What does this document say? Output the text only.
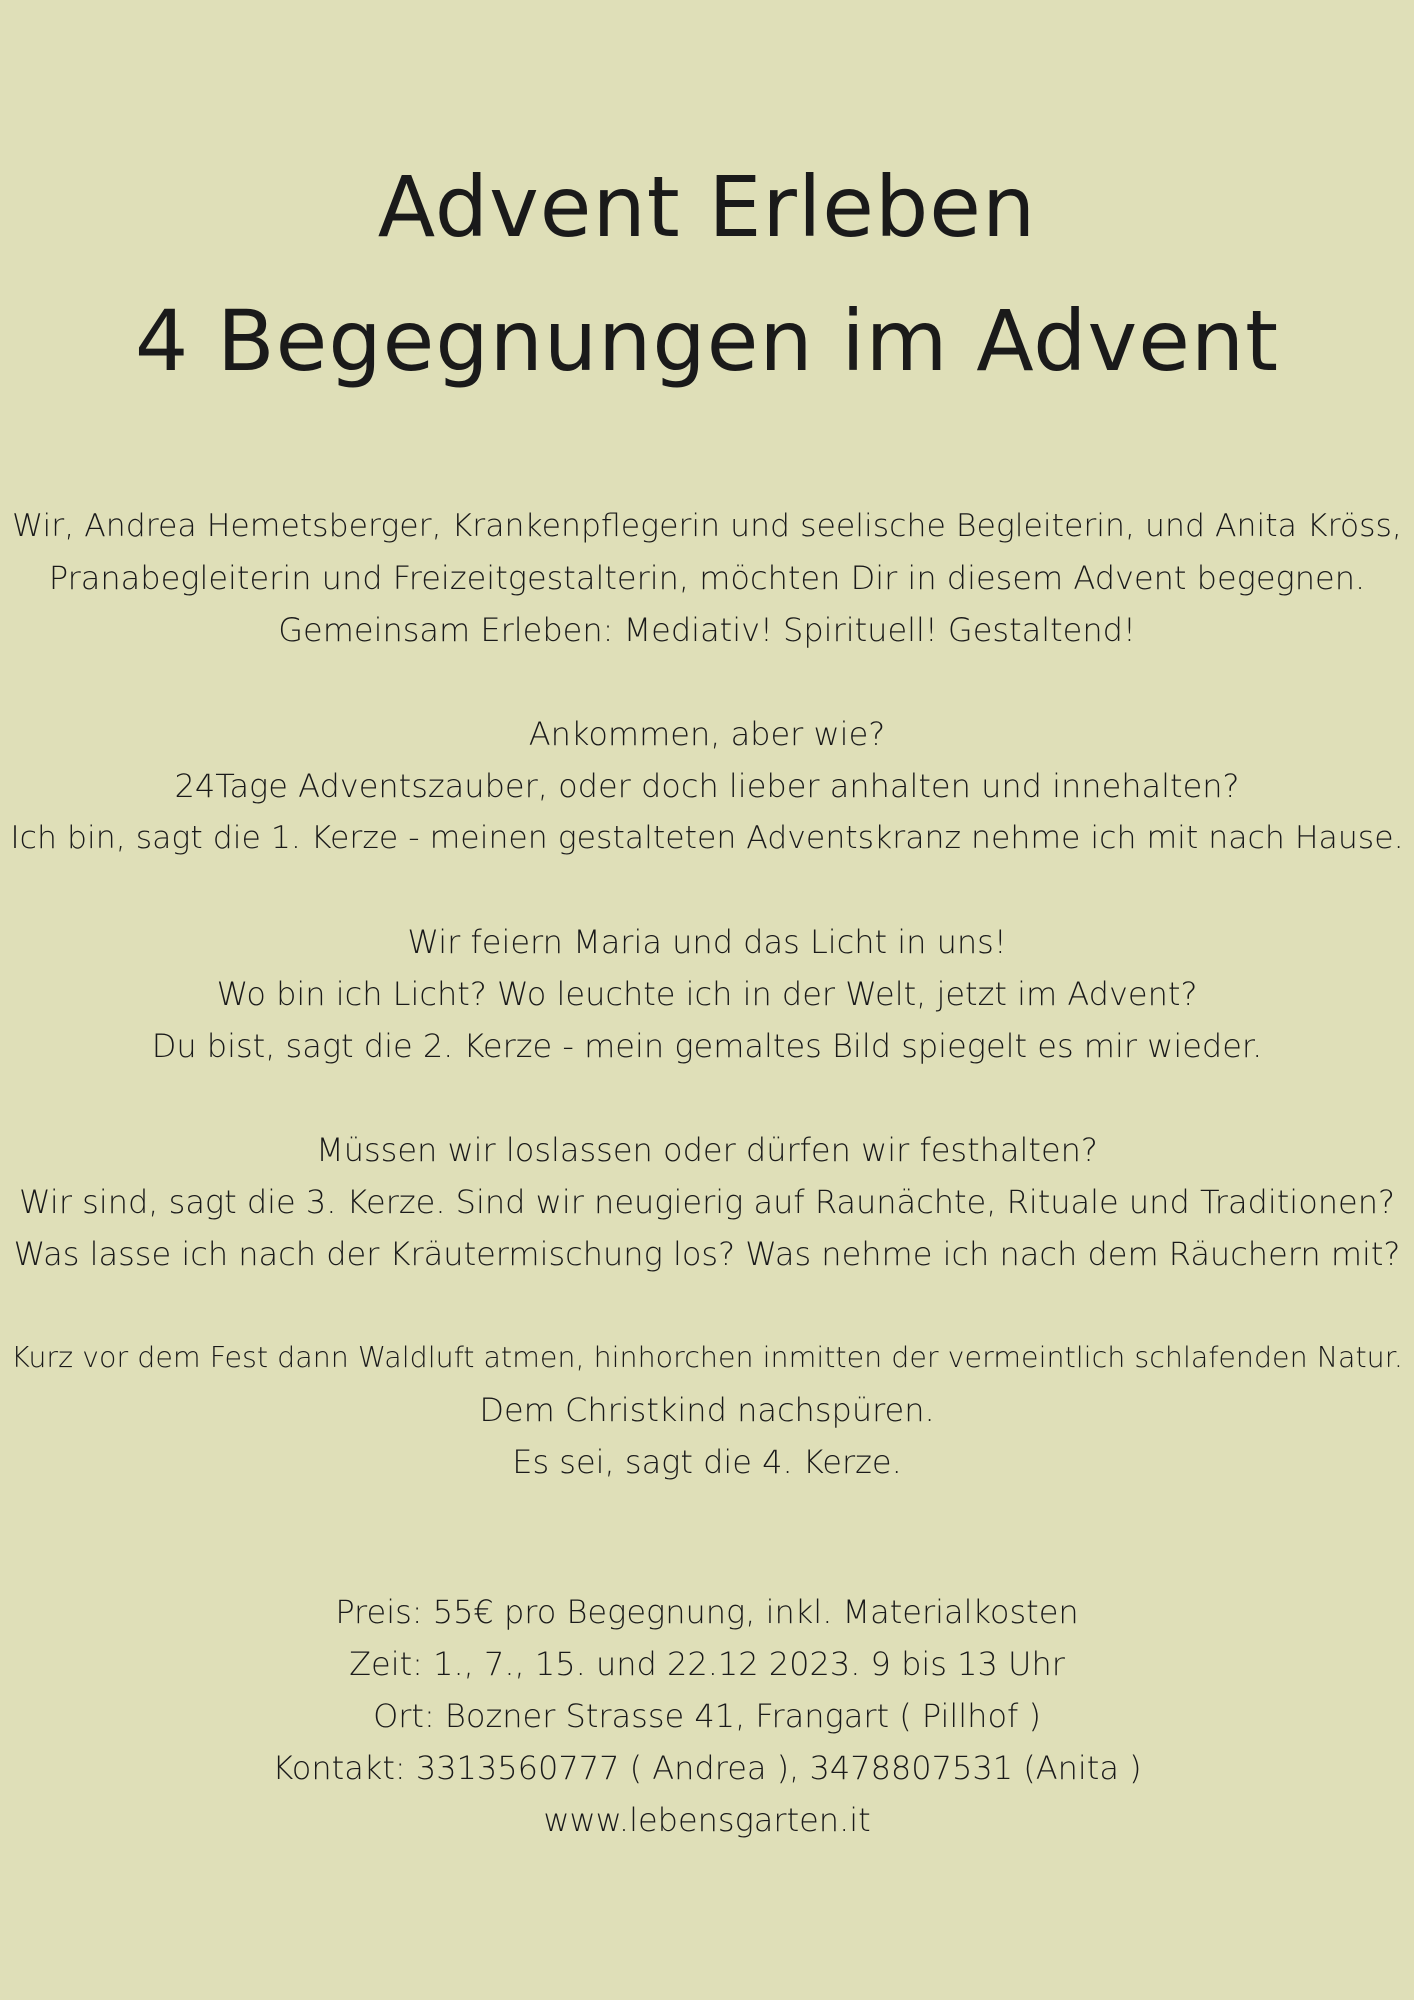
Advent Erleben
4 Begegnungen im Advent
Wir, Andrea Hemetsberger, Krankenpflegerin und seelische Begleiterin, und Anita Kröss,
Pranabegleiterin und Freizeitgestalterin, möchten Dir in diesem Advent begegnen.
Gemeinsam Erleben: Mediativ! Spirituell! Gestaltend!
Ankommen, aber wie?
24Tage Adventszauber, oder doch lieber anhalten und innehalten?
Ich bin, sagt die 1. Kerze - meinen gestalteten Adventskranz nehme ich mit nach Hause.
Wir feiern Maria und das Licht in uns!
Wo bin ich Licht? Wo leuchte ich in der Welt, jetzt im Advent?
Du bist, sagt die 2. Kerze - mein gemaltes Bild spiegelt es mir wieder.
Müssen wir loslassen oder dürfen wir festhalten?
Wir sind, sagt die 3. Kerze. Sind wir neugierig auf Raunächte, Rituale und Traditionen?
Was lasse ich nach der Kräutermischung los? Was nehme ich nach dem Räuchern mit?
Kurz vor dem Fest dann Waldluft atmen, hinhorchen inmitten der vermeintlich schlafenden Natur.
Dem Christkind nachspüren.
Es sei, sagt die 4. Kerze.
Preis: 55€ pro Begegnung, inkl. Materialkosten
Zeit: 1., 7., 15. und 22.12 2023. 9 bis 13 Uhr
Ort: Bozner Strasse 41, Frangart ( Pillhof )
Kontakt: 3313560777 ( Andrea ), 3478807531 (Anita )
www.lebensgarten.it
